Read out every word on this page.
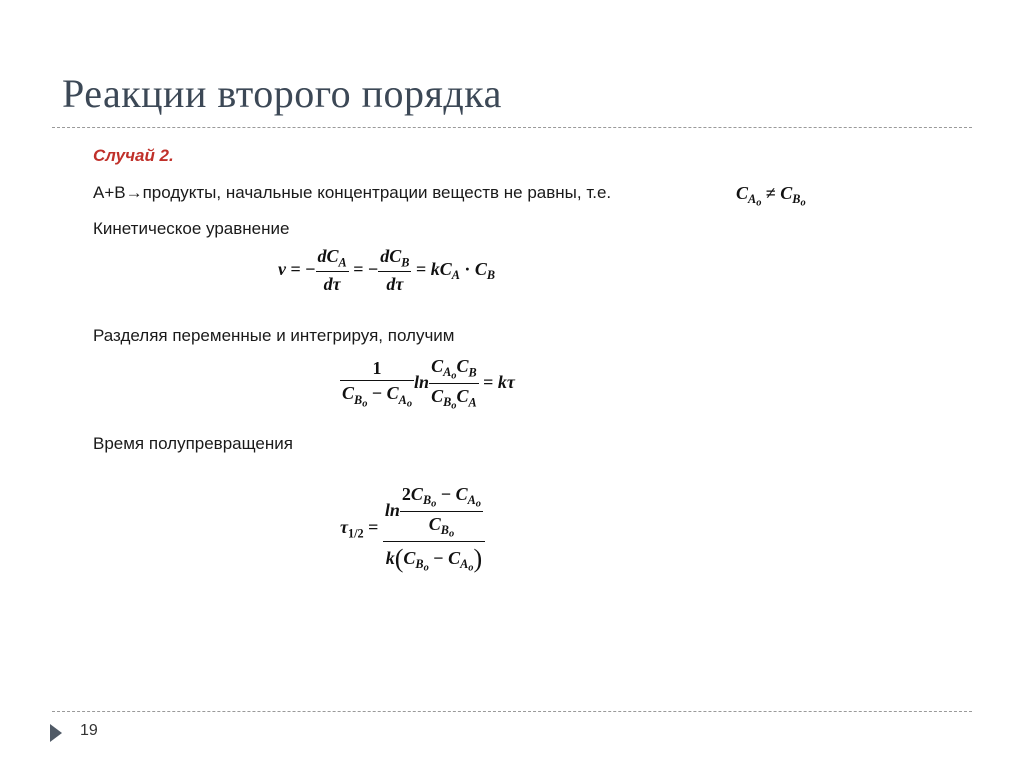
Реакции второго порядка
Случай 2.
A+B→продукты, начальные концентрации веществ не равны, т.е.	$C_{A_o} \ne C_{B_o}$
Кинетическое уравнение
v = − $\frac{dC_A}{d\tau}$ = − $\frac{dC_B}{d\tau} = kC_A \cdot C_B$
Разделяя переменные и интегрируя, получим
$\frac{1}{C_{B_o} - C_{A_o}}$ $\ln \frac{C_{A_o}C_B}{C_{B_o}C_A} = k\tau$
Время полупревращения
$\tau_{1/2} = \frac{\ln \frac{2C_{B_o} - C_{A_o}}{C_{B_o}}}{k(C_{B_o} - C_{A_o})}$
19
